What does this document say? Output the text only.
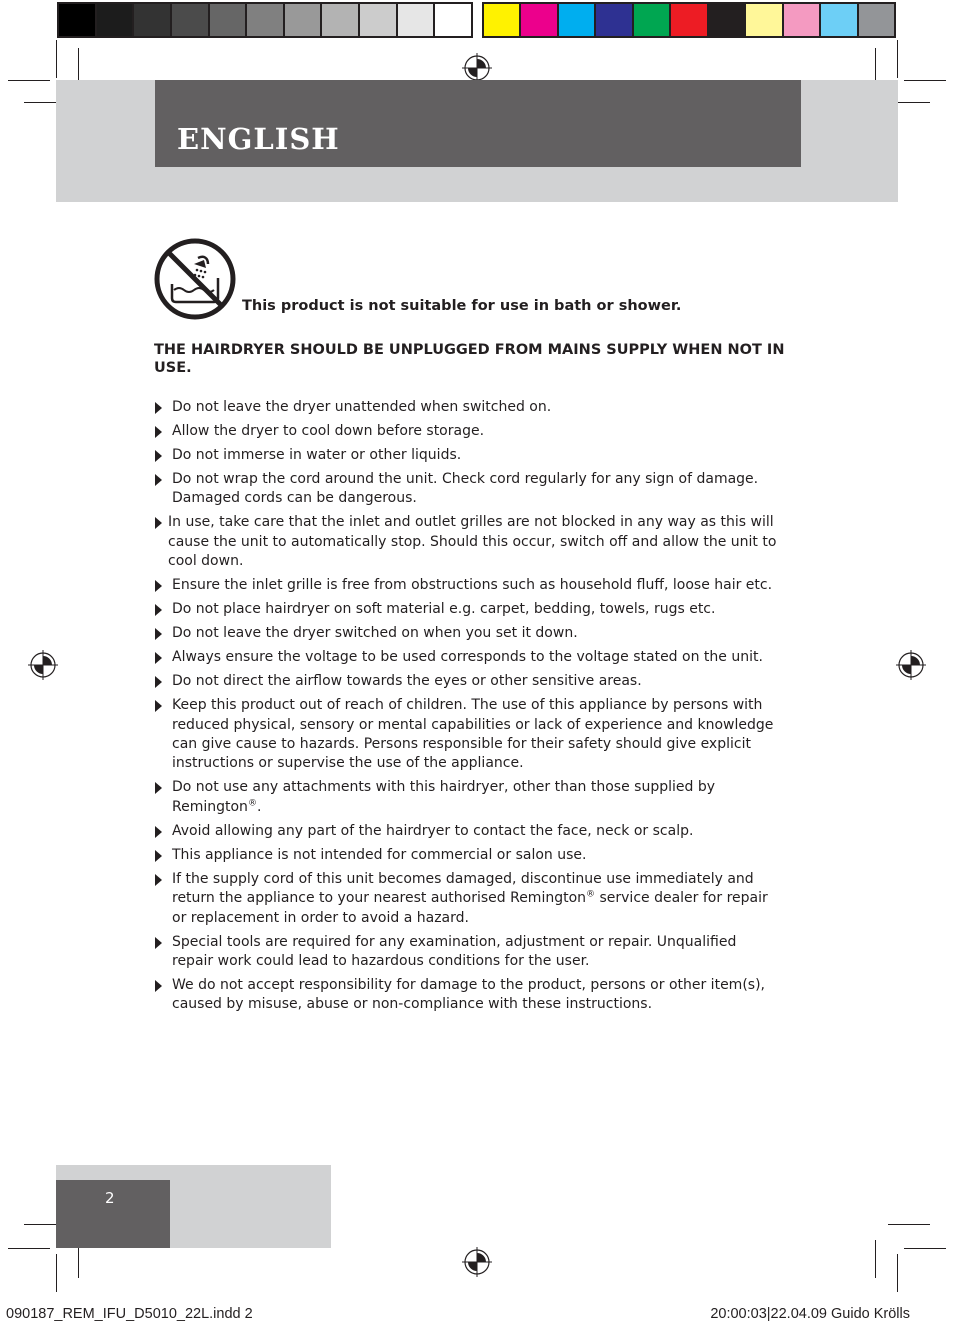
ENGLISH

This product is not suitable for use in bath or shower.

THE HAIRDRYER SHOULD BE UNPLUGGED FROM MAINS SUPPLY WHEN NOT IN USE.

Do not leave the dryer unattended when switched on.
Allow the dryer to cool down before storage.
Do not immerse in water or other liquids.
Do not wrap the cord around the unit. Check cord regularly for any sign of damage. Damaged cords can be dangerous.
In use, take care that the inlet and outlet grilles are not blocked in any way as this will cause the unit to automatically stop. Should this occur, switch off and allow the unit to cool down.
Ensure the inlet grille is free from obstructions such as household fluff, loose hair etc.
Do not place hairdryer on soft material e.g. carpet, bedding, towels, rugs etc.
Do not leave the dryer switched on when you set it down.
Always ensure the voltage to be used corresponds to the voltage stated on the unit.
Do not direct the airflow towards the eyes or other sensitive areas.
Keep this product out of reach of children. The use of this appliance by persons with reduced physical, sensory or mental capabilities or lack of experience and knowledge can give cause to hazards. Persons responsible for their safety should give explicit instructions or supervise the use of the appliance.
Do not use any attachments with this hairdryer, other than those supplied by Remington®.
Avoid allowing any part of the hairdryer to contact the face, neck or scalp.
This appliance is not intended for commercial or salon use.
If the supply cord of this unit becomes damaged, discontinue use immediately and return the appliance to your nearest authorised Remington® service dealer for repair or replacement in order to avoid a hazard.
Special tools are required for any examination, adjustment or repair. Unqualified repair work could lead to hazardous conditions for the user.
We do not accept responsibility for damage to the product, persons or other item(s), caused by misuse, abuse or non-compliance with these instructions.
2
090187_REM_IFU_D5010_22L.indd 2	20:00:03|22.04.09 Guido Krölls
